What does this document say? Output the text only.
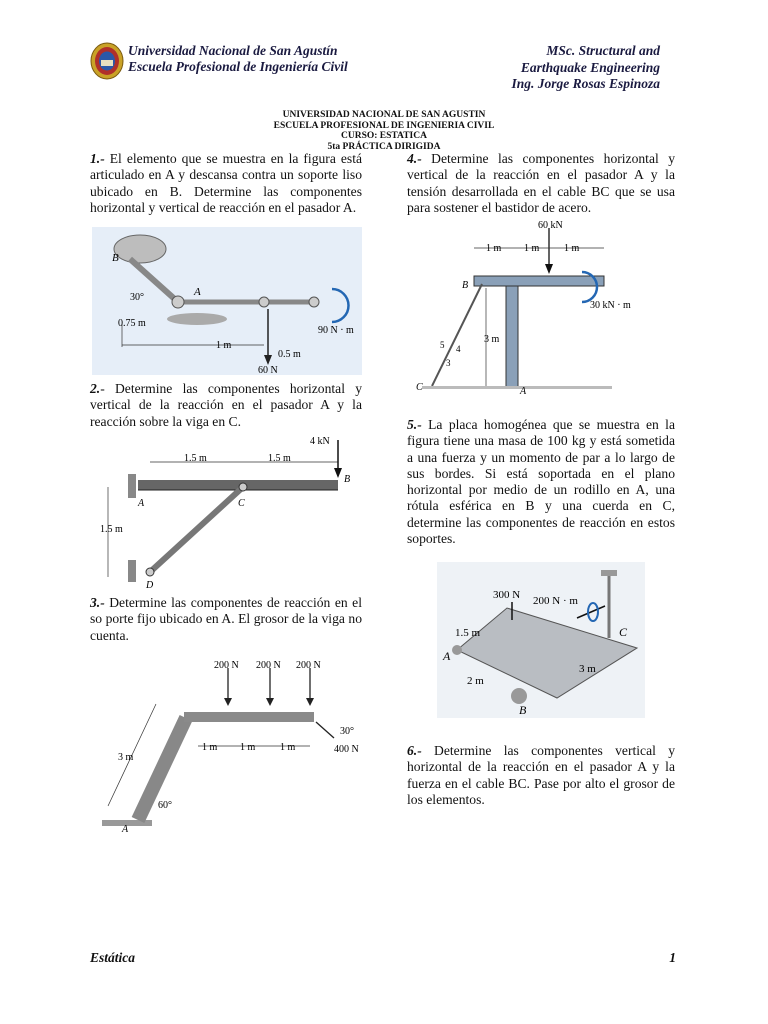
Universidad Nacional de San Agustín
Escuela Profesional de Ingeniería Civil
MSc. Structural and
Earthquake Engineering
Ing. Jorge Rosas Espinoza
UNIVERSIDAD NACIONAL DE SAN AGUSTIN
ESCUELA PROFESIONAL DE INGENIERIA CIVIL
CURSO: ESTATICA
5ta PRÁCTICA DIRIGIDA
1.- El elemento que se muestra en la figura está articulado en A y descansa contra un soporte liso ubicado en B. Determine las componentes horizontal y vertical de reacción en el pasador A.
B
A
30°
0.75 m
1 m
0.5 m
90 N · m
60 N
2.- Determine las componentes horizontal y vertical de la reacción en el pasador A y la reacción sobre la viga en C.
4 kN
1.5 m	1.5 m
1.5 m
A
B
C
D
3.- Determine las componentes de reacción en el so porte fijo ubicado en A. El grosor de la viga no cuenta.
200 N 200 N 200 N
1 m 1 m 1 m
3 m
60°
30°
400 N
A
4.- Determine las componentes horizontal y vertical de la reacción en el pasador A y la tensión desarrollada en el cable BC que se usa para sostener el bastidor de acero.
60 kN
1 m 1 m 1 m
30 kN · m
3 m
5 4
3
A
B
C
5.- La placa homogénea que se muestra en la figura tiene una masa de 100 kg y está sometida a una fuerza y un momento de par a lo largo de sus bordes. Si está soportada en el plano horizontal por medio de un rodillo en A, una rótula esférica en B y una cuerda en C, determine las componentes de reacción en estos soportes.
300 N 200 N · m
1.5 m
2 m
3 m
A
B
C
6.- Determine las componentes vertical y horizontal de la reacción en el pasador A y la fuerza en el cable BC. Pase por alto el grosor de los elementos.
Estática	1
